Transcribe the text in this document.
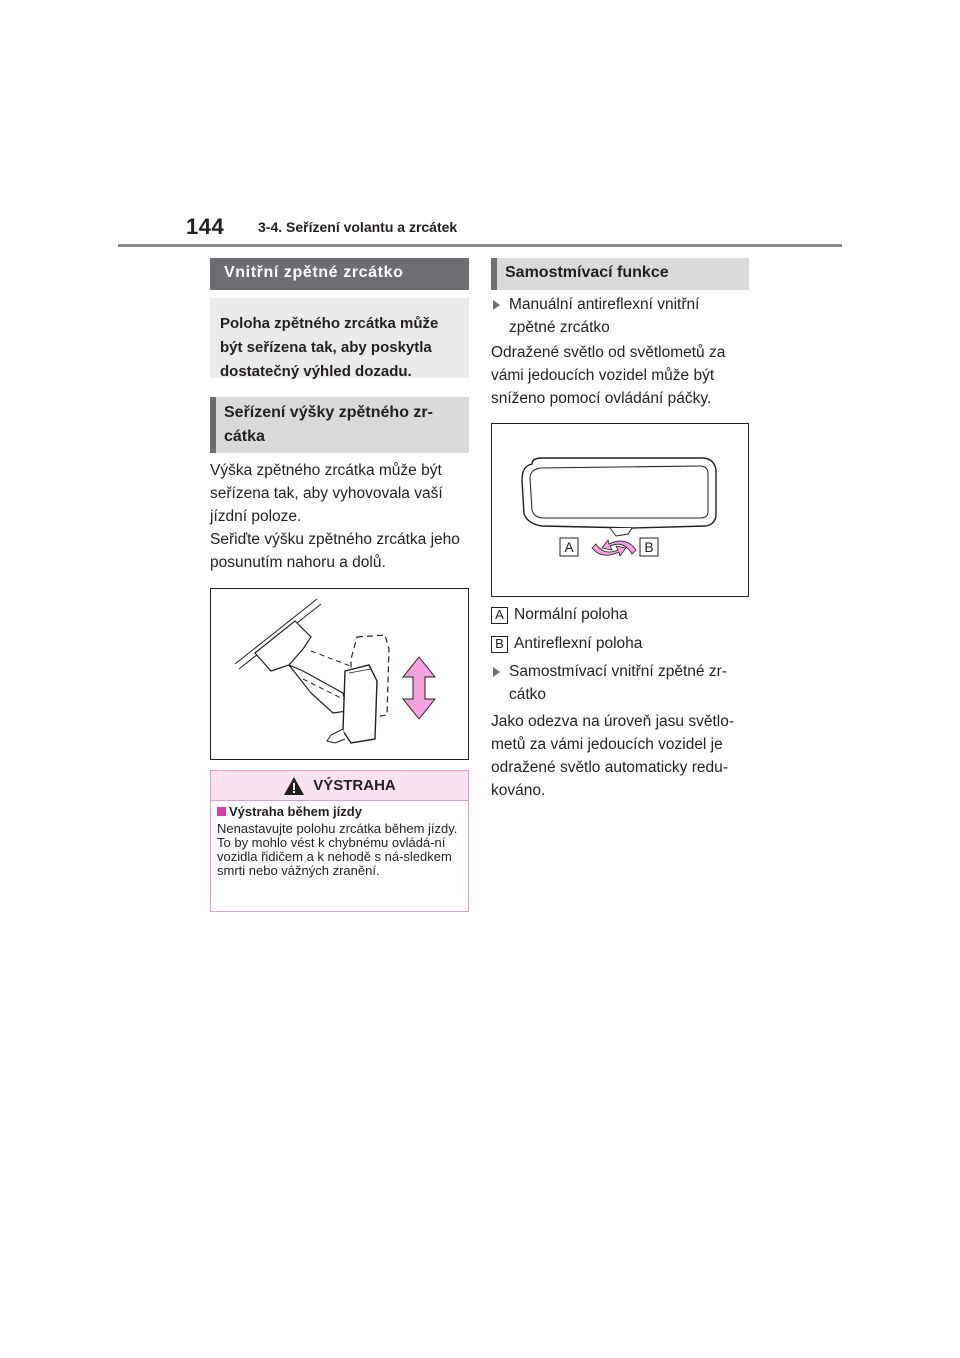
144 3-4. Seřízení volantu a zrcátek
Vnitřní zpětné zrcátko
Poloha zpětného zrcátka může být seřízena tak, aby poskytla dostatečný výhled dozadu.
Seřízení výšky zpětného zr-cátka
Výška zpětného zrcátka může být seřízena tak, aby vyhovovala vaší jízdní poloze.
Seřiďte výšku zpětného zrcátka jeho posunutím nahoru a dolů.
VÝSTRAHA
Výstraha během jízdy
Nenastavujte polohu zrcátka během jízdy.
To by mohlo vést k chybnému ovládá-ní vozidla řidičem a k nehodě s ná-sledkem smrti nebo vážných zranění.
Samostmívací funkce
Manuální antireflexní vnitřní zpětné zrcátko
Odražené světlo od světlometů za vámi jedoucích vozidel může být sníženo pomocí ovládání páčky.
A	B
A Normální poloha
B Antireflexní poloha
Samostmívací vnitřní zpětné zr-cátko
Jako odezva na úroveň jasu světlo-metů za vámi jedoucích vozidel je odražené světlo automaticky redu-kováno.
